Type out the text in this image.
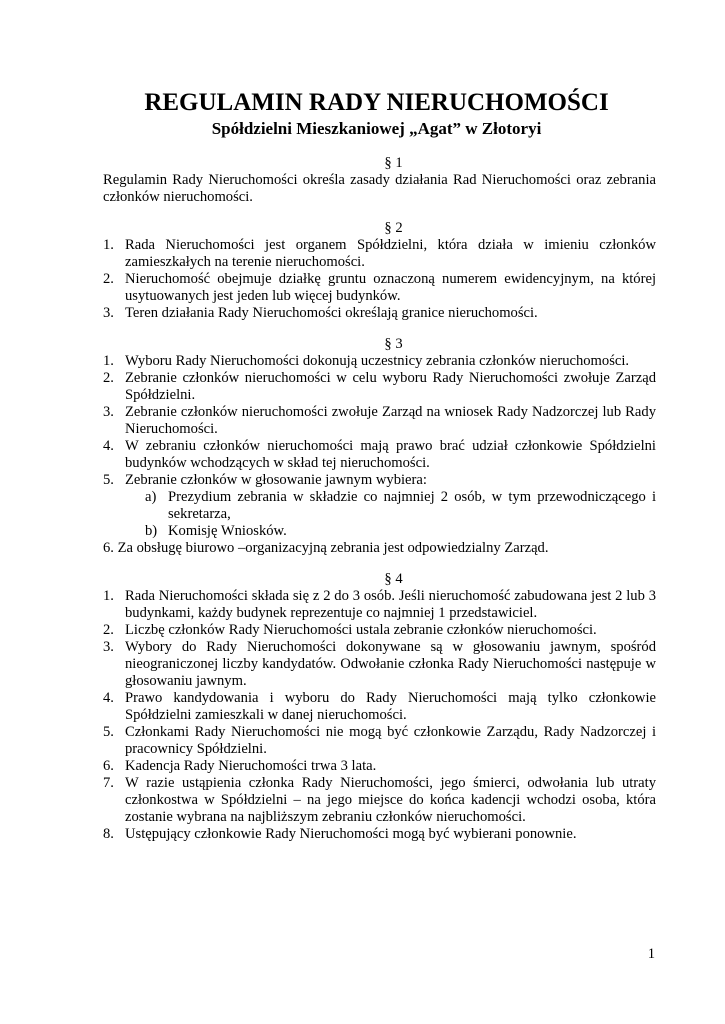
REGULAMIN RADY NIERUCHOMOŚCI
Spółdzielni Mieszkaniowej „Agat” w Złotoryi
§ 1
Regulamin Rady Nieruchomości określa zasady działania Rad Nieruchomości oraz zebrania członków nieruchomości.
§ 2
1. Rada Nieruchomości jest organem Spółdzielni, która działa w imieniu członków zamieszkałych na terenie nieruchomości.
2. Nieruchomość obejmuje działkę gruntu oznaczoną numerem ewidencyjnym, na której usytuowanych jest jeden lub więcej budynków.
3. Teren działania Rady Nieruchomości określają granice nieruchomości.
§ 3
1. Wyboru Rady Nieruchomości dokonują uczestnicy zebrania członków nieruchomości.
2. Zebranie członków nieruchomości w celu wyboru Rady Nieruchomości zwołuje Zarząd Spółdzielni.
3. Zebranie członków nieruchomości zwołuje Zarząd na wniosek Rady Nadzorczej lub Rady Nieruchomości.
4. W zebraniu członków nieruchomości mają prawo brać udział członkowie Spółdzielni budynków wchodzących w skład tej nieruchomości.
5. Zebranie członków w głosowanie jawnym wybiera:
a) Prezydium zebrania w składzie co najmniej 2 osób, w tym przewodniczącego i sekretarza,
b) Komisję Wniosków.
6. Za obsługę biurowo –organizacyjną zebrania jest odpowiedzialny Zarząd.
§ 4
1. Rada Nieruchomości składa się z 2 do 3 osób. Jeśli nieruchomość zabudowana jest 2 lub 3 budynkami, każdy budynek reprezentuje co najmniej 1 przedstawiciel.
2. Liczbę członków Rady Nieruchomości ustala zebranie członków nieruchomości.
3. Wybory do Rady Nieruchomości dokonywane są w głosowaniu jawnym, spośród nieograniczonej liczby kandydatów. Odwołanie członka Rady Nieruchomości następuje w głosowaniu jawnym.
4. Prawo kandydowania i wyboru do Rady Nieruchomości mają tylko członkowie Spółdzielni zamieszkali w danej nieruchomości.
5. Członkami Rady Nieruchomości nie mogą być członkowie Zarządu, Rady Nadzorczej i pracownicy Spółdzielni.
6. Kadencja Rady Nieruchomości trwa 3 lata.
7. W razie ustąpienia członka Rady Nieruchomości, jego śmierci, odwołania lub utraty członkostwa w Spółdzielni – na jego miejsce do końca kadencji wchodzi osoba, która zostanie wybrana na najbliższym zebraniu członków nieruchomości.
8. Ustępujący członkowie Rady Nieruchomości mogą być wybierani ponownie.
1
